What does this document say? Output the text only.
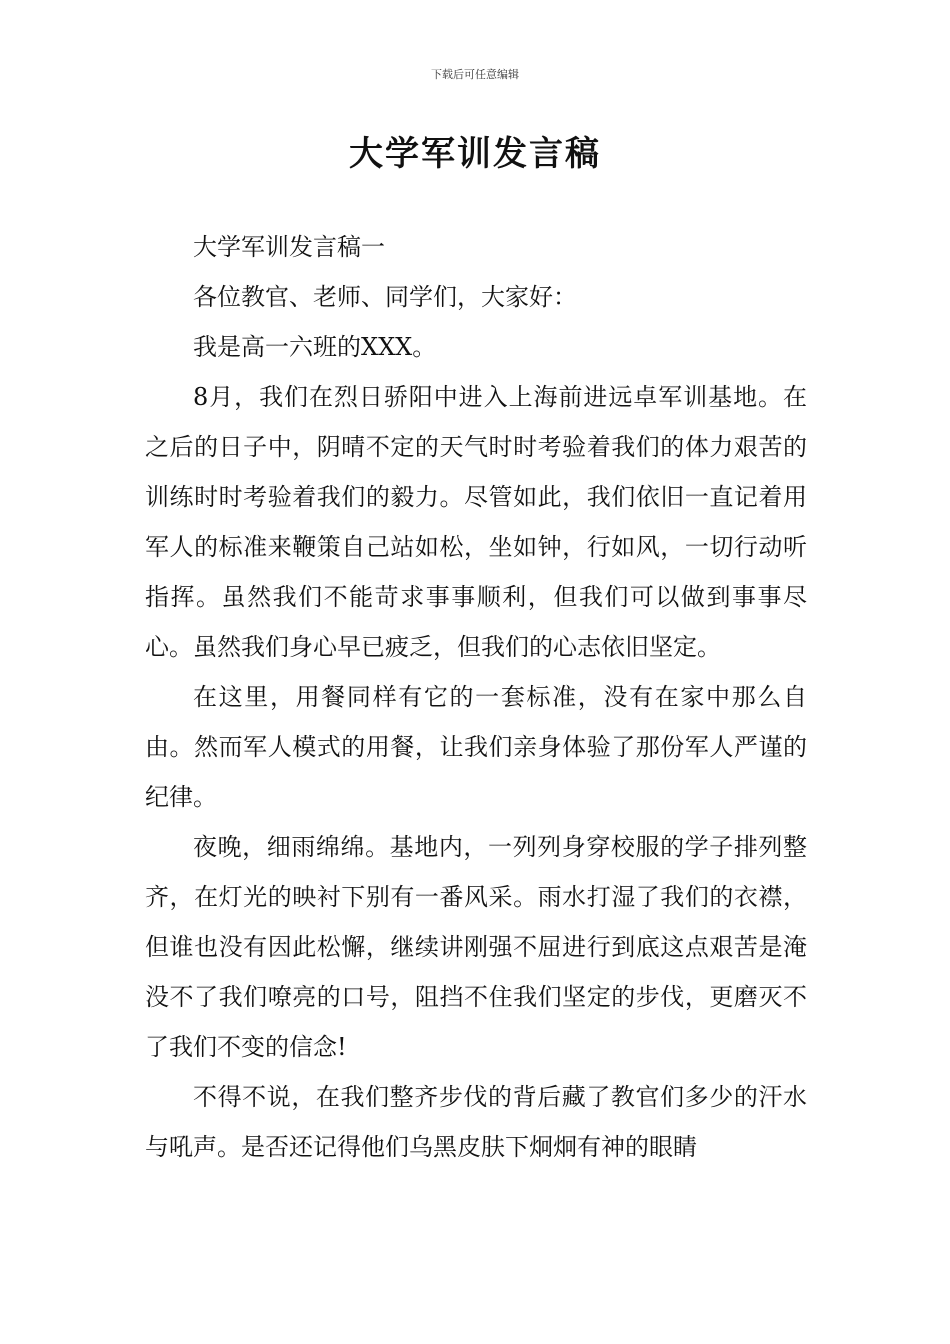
下载后可任意编辑
大学军训发言稿

大学军训发言稿一

各位教官、老师、同学们，大家好：

我是高一六班的XXX。

8月，我们在烈日骄阳中进入上海前进远卓军训基地。在之后的日子中，阴晴不定的天气时时考验着我们的体力艰苦的训练时时考验着我们的毅力。尽管如此，我们依旧一直记着用军人的标准来鞭策自己站如松，坐如钟，行如风，一切行动听指挥。虽然我们不能苛求事事顺利，但我们可以做到事事尽心。虽然我们身心早已疲乏，但我们的心志依旧坚定。

在这里，用餐同样有它的一套标准，没有在家中那么自由。然而军人模式的用餐，让我们亲身体验了那份军人严谨的纪律。

夜晚，细雨绵绵。基地内，一列列身穿校服的学子排列整齐，在灯光的映衬下别有一番风采。雨水打湿了我们的衣襟，但谁也没有因此松懈，继续讲刚强不屈进行到底这点艰苦是淹没不了我们嘹亮的口号，阻挡不住我们坚定的步伐，更磨灭不了我们不变的信念!

不得不说，在我们整齐步伐的背后藏了教官们多少的汗水与吼声。是否还记得他们乌黑皮肤下炯炯有神的眼睛
